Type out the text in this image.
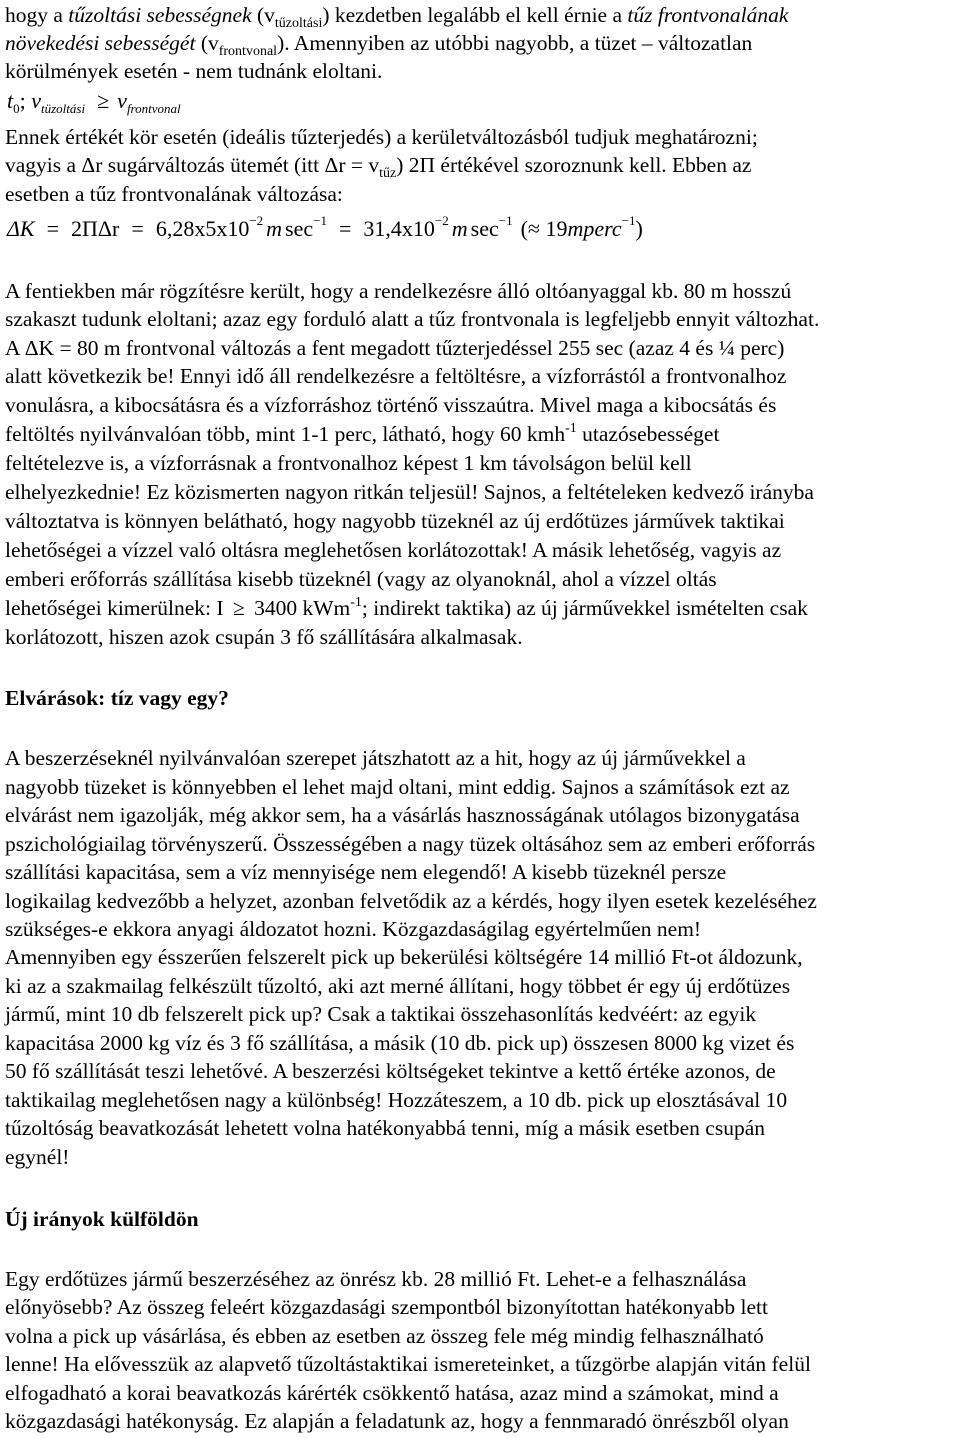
hogy a tűzoltási sebességnek $(v_{tűzoltási})$ kezdetben legalább el kell érnie a tűz frontvonalának
növekedési sebességét $(v_{frontvonal})$. Amennyiben az utóbbi nagyobb, a tüzet – változatlan
körülmények esetén - nem tudnánk eloltani.
$t_0$; $v_{tüzoltási} \ge v_{frontvonal}$
Ennek értékét kör esetén (ideális tűzterjedés) a kerületváltozásból tudjuk meghatározni;
vagyis a Δr sugárváltozás ütemét (itt $\Delta r = v_{tűz}$) 2Π értékével szoroznunk kell. Ebben az
esetben a tűz frontvonalának változása:
$\Delta K = 2\Pi\Delta r = 6,28x5x10^{-2}$ m $\sec^{-1} = 31,4x10^{-2}$ m $\sec^{-1}$ (≈ 19mperc$^{-1}$)
A fentiekben már rögzítésre került, hogy a rendelkezésre álló oltóanyaggal kb. 80 m hosszú
szakaszt tudunk eloltani; azaz egy forduló alatt a tűz frontvonala is legfeljebb ennyit változhat.
A ΔK = 80 m frontvonal változás a fent megadott tűzterjedéssel 255 sec (azaz 4 és ¼ perc)
alatt következik be! Ennyi idő áll rendelkezésre a feltöltésre, a vízforrástól a frontvonalhoz
vonulásra, a kibocsátásra és a vízforráshoz történő visszaútra. Mivel maga a kibocsátás és
feltöltés nyilvánvalóan több, mint 1-1 perc, látható, hogy 60 kmh$^{-1}$ utazósebességet
feltételezve is, a vízforrásnak a frontvonalhoz képest 1 km távolságon belül kell
elhelyezkednie! Ez közismerten nagyon ritkán teljesül! Sajnos, a feltételeken kedvező irányba
változtatva is könnyen belátható, hogy nagyobb tüzeknél az új erdőtüzes járművek taktikai
lehetőségei a vízzel való oltásra meglehetősen korlátozottak! A másik lehetőség, vagyis az
emberi erőforrás szállítása kisebb tüzeknél (vagy az olyanoknál, ahol a vízzel oltás
lehetőségei kimerülnek: I ≥ 3400 kWm$^{-1}$; indirekt taktika) az új járművekkel ismételten csak
korlátozott, hiszen azok csupán 3 fő szállítására alkalmasak.
Elvárások: tíz vagy egy?
A beszerzéseknél nyilvánvalóan szerepet játszhatott az a hit, hogy az új járművekkel a
nagyobb tüzeket is könnyebben el lehet majd oltani, mint eddig. Sajnos a számítások ezt az
elvárást nem igazolják, még akkor sem, ha a vásárlás hasznosságának utólagos bizonygatása
pszichológiailag törvényszerű. Összességében a nagy tüzek oltásához sem az emberi erőforrás
szállítási kapacitása, sem a víz mennyisége nem elegendő! A kisebb tüzeknél persze
logikailag kedvezőbb a helyzet, azonban felvetődik az a kérdés, hogy ilyen esetek kezeléséhez
szükséges-e ekkora anyagi áldozatot hozni. Közgazdaságilag egyértelműen nem!
Amennyiben egy ésszerűen felszerelt pick up bekerülési költségére 14 millió Ft-ot áldozunk,
ki az a szakmailag felkészült tűzoltó, aki azt merné állítani, hogy többet ér egy új erdőtüzes
jármű, mint 10 db felszerelt pick up? Csak a taktikai összehasonlítás kedvéért: az egyik
kapacitása 2000 kg víz és 3 fő szállítása, a másik (10 db. pick up) összesen 8000 kg vizet és
50 fő szállítását teszi lehetővé. A beszerzési költségeket tekintve a kettő értéke azonos, de
taktikailag meglehetősen nagy a különbség! Hozzáteszem, a 10 db. pick up elosztásával 10
tűzoltóság beavatkozását lehetett volna hatékonyabbá tenni, míg a másik esetben csupán
egynél!
Új irányok külföldön
Egy erdőtüzes jármű beszerzéséhez az önrész kb. 28 millió Ft. Lehet-e a felhasználása
előnyösebb? Az összeg feleért közgazdasági szempontból bizonyítottan hatékonyabb lett
volna a pick up vásárlása, és ebben az esetben az összeg fele még mindig felhasználható
lenne! Ha elővesszük az alapvető tűzoltástaktikai ismereteinket, a tűzgörbe alapján vitán felül
elfogadható a korai beavatkozás kárérték csökkentő hatása, azaz mind a számokat, mind a
közgazdasági hatékonyság. Ez alapján a feladatunk az, hogy a fennmaradó önrészből olyan
